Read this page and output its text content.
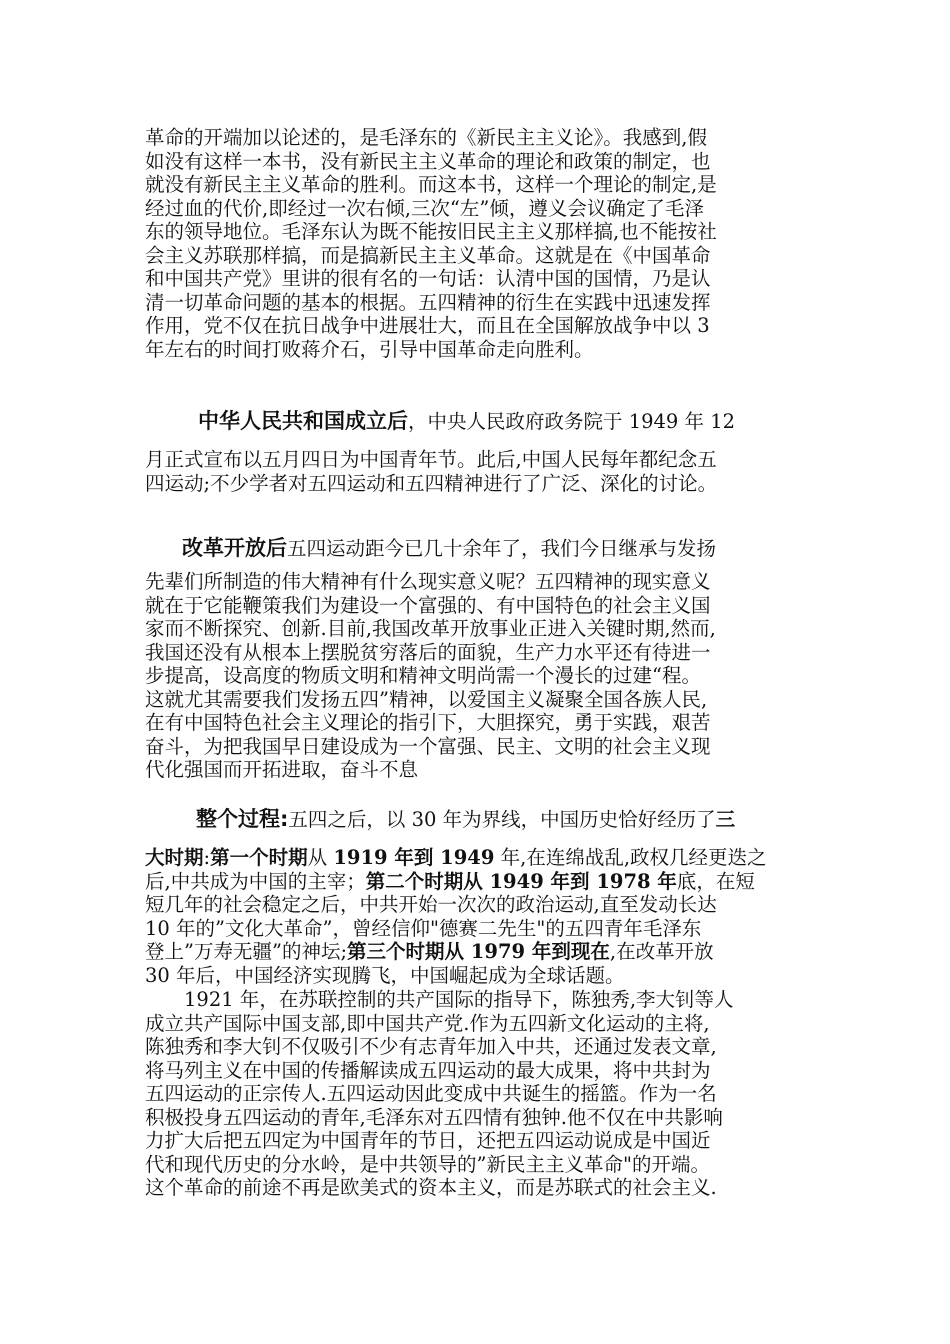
革命的开端加以论述的，是毛泽东的《新民主主义论》。我感到,假
如没有这样一本书，没有新民主主义革命的理论和政策的制定，也
就没有新民主主义革命的胜利。而这本书，这样一个理论的制定,是
经过血的代价,即经过一次右倾,三次“左”倾，遵义会议确定了毛泽
东的领导地位。毛泽东认为既不能按旧民主主义那样搞,也不能按社
会主义苏联那样搞，而是搞新民主主义革命。这就是在《中国革命
和中国共产党》里讲的很有名的一句话：认清中国的国情，乃是认
清一切革命问题的基本的根据。五四精神的衍生在实践中迅速发挥
作用，党不仅在抗日战争中进展壮大，而且在全国解放战争中以 3
年左右的时间打败蒋介石，引导中国革命走向胜利。
中华人民共和国成立后，中央人民政府政务院于 1949 年 12
月正式宣布以五月四日为中国青年节。此后,中国人民每年都纪念五
四运动;不少学者对五四运动和五四精神进行了广泛、深化的讨论。
改革开放后五四运动距今已几十余年了，我们今日继承与发扬
先辈们所制造的伟大精神有什么现实意义呢？五四精神的现实意义
就在于它能鞭策我们为建设一个富强的、有中国特色的社会主义国
家而不断探究、创新.目前,我国改革开放事业正进入关键时期,然而,
我国还没有从根本上摆脱贫穷落后的面貌，生产力水平还有待进一
步提高，设高度的物质文明和精神文明尚需一个漫长的过建“程。
这就尤其需要我们发扬五四”精神，以爱国主义凝聚全国各族人民,
在有中国特色社会主义理论的指引下，大胆探究，勇于实践，艰苦
奋斗，为把我国早日建设成为一个富强、民主、文明的社会主义现
代化强国而开拓进取，奋斗不息
整个过程:五四之后，以 30 年为界线，中国历史恰好经历了三
大时期:第一个时期从 1919 年到 1949 年,在连绵战乱,政权几经更迭之
后,中共成为中国的主宰；第二个时期从 1949 年到 1978 年底，在短
短几年的社会稳定之后，中共开始一次次的政治运动,直至发动长达
10 年的”文化大革命”，曾经信仰"德赛二先生"的五四青年毛泽东
登上”万寿无疆”的神坛;第三个时期从 1979 年到现在,在改革开放
30 年后，中国经济实现腾飞，中国崛起成为全球话题。
　　1921 年，在苏联控制的共产国际的指导下，陈独秀,李大钊等人
成立共产国际中国支部,即中国共产党.作为五四新文化运动的主将,
陈独秀和李大钊不仅吸引不少有志青年加入中共，还通过发表文章,
将马列主义在中国的传播解读成五四运动的最大成果，将中共封为
五四运动的正宗传人.五四运动因此变成中共诞生的摇篮。作为一名
积极投身五四运动的青年,毛泽东对五四情有独钟.他不仅在中共影响
力扩大后把五四定为中国青年的节日，还把五四运动说成是中国近
代和现代历史的分水岭，是中共领导的”新民主主义革命"的开端。
这个革命的前途不再是欧美式的资本主义，而是苏联式的社会主义.
